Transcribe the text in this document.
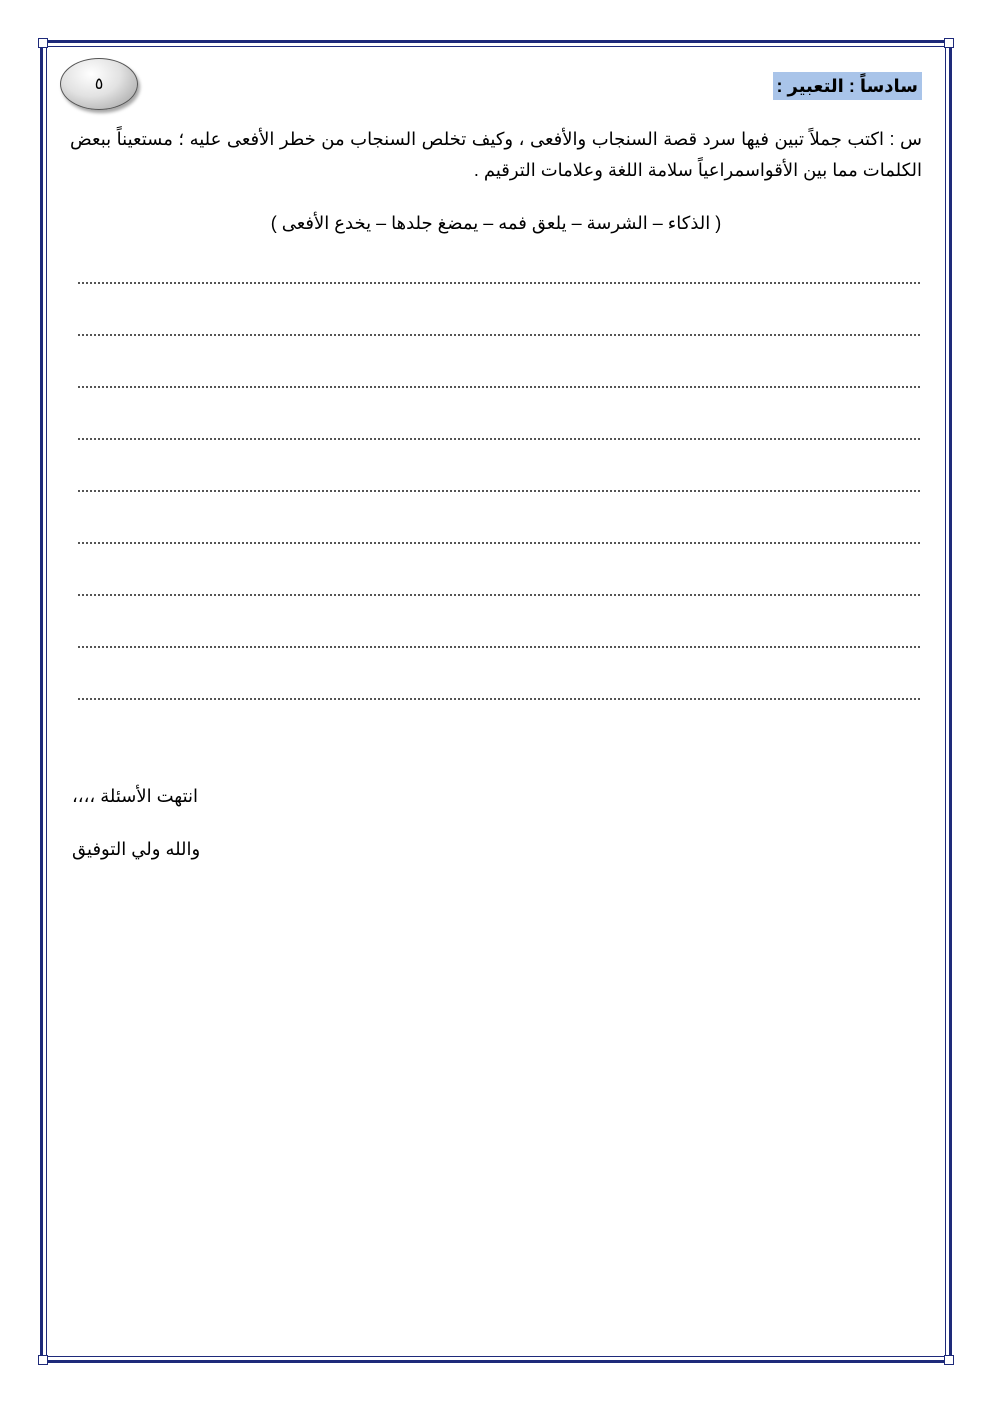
٥	سادساً : التعبير :

س : اكتب جملاً تبين فيها سرد قصة السنجاب والأفعى ، وكيف تخلص السنجاب من خطر الأفعى عليه ؛ مستعيناً ببعض الكلمات مما بين الأقواسمراعياً سلامة اللغة وعلامات الترقيم .

( الذكاء – الشرسة – يلعق فمه – يمضغ جلدها – يخدع الأفعى )

انتهت الأسئلة ،،،،

والله ولي التوفيق
